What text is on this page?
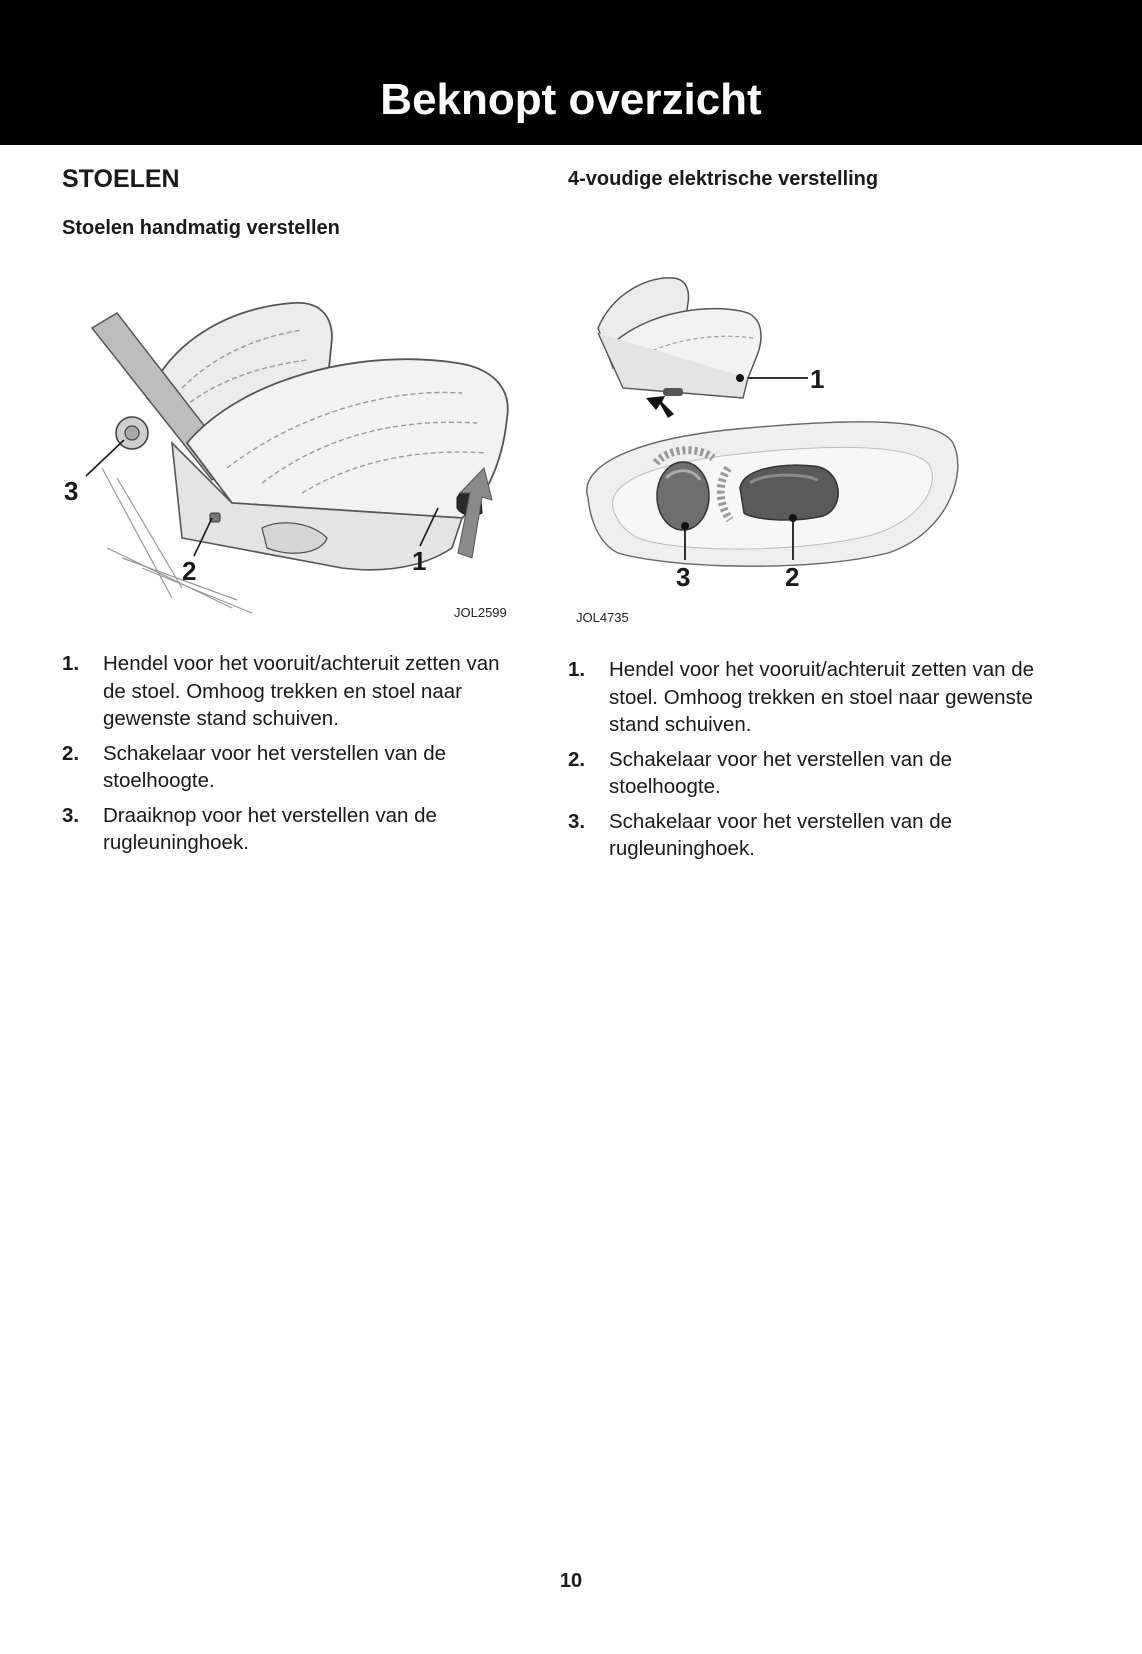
Beknopt overzicht
STOELEN
Stoelen handmatig verstellen
1
2
3
JOL2599
1. Hendel voor het vooruit/achteruit zetten van de stoel. Omhoog trekken en stoel naar gewenste stand schuiven.
2. Schakelaar voor het verstellen van de stoelhoogte.
3. Draaiknop voor het verstellen van de rugleuninghoek.
4-voudige elektrische verstelling
1
3	2
JOL4735
1. Hendel voor het vooruit/achteruit zetten van de stoel. Omhoog trekken en stoel naar gewenste stand schuiven.
2. Schakelaar voor het verstellen van de stoelhoogte.
3. Schakelaar voor het verstellen van de rugleuninghoek.
10
